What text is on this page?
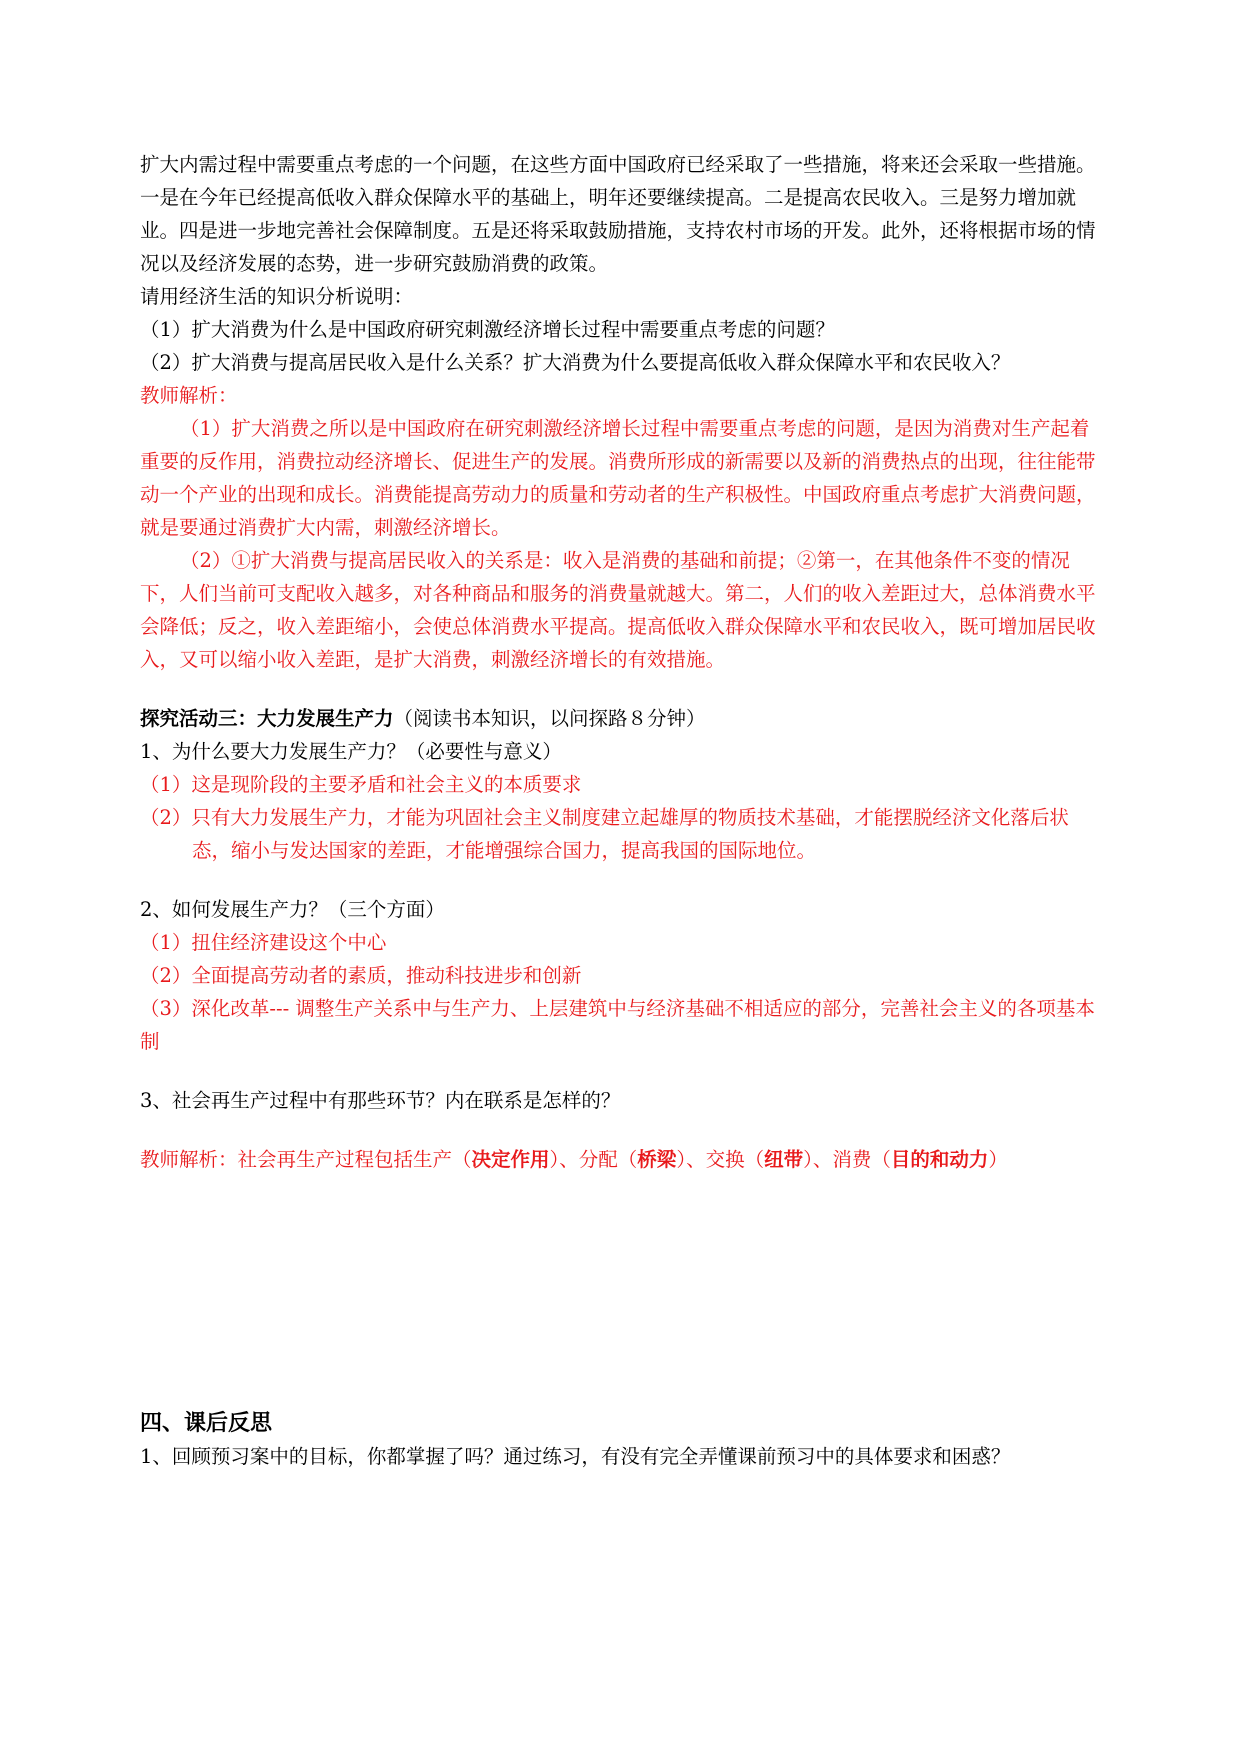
扩大内需过程中需要重点考虑的一个问题，在这些方面中国政府已经采取了一些措施，将来还会采取一些措施。一是在今年已经提高低收入群众保障水平的基础上，明年还要继续提高。二是提高农民收入。三是努力增加就业。四是进一步地完善社会保障制度。五是还将采取鼓励措施，支持农村市场的开发。此外，还将根据市场的情况以及经济发展的态势，进一步研究鼓励消费的政策。

请用经济生活的知识分析说明：

（1）扩大消费为什么是中国政府研究刺激经济增长过程中需要重点考虑的问题？

（2）扩大消费与提高居民收入是什么关系？扩大消费为什么要提高低收入群众保障水平和农民收入？

教师解析：

（1）扩大消费之所以是中国政府在研究刺激经济增长过程中需要重点考虑的问题，是因为消费对生产起着重要的反作用，消费拉动经济增长、促进生产的发展。消费所形成的新需要以及新的消费热点的出现，往往能带动一个产业的出现和成长。消费能提高劳动力的质量和劳动者的生产积极性。中国政府重点考虑扩大消费问题，就是要通过消费扩大内需，刺激经济增长。

（2）①扩大消费与提高居民收入的关系是：收入是消费的基础和前提；②第一，在其他条件不变的情况下，人们当前可支配收入越多，对各种商品和服务的消费量就越大。第二，人们的收入差距过大，总体消费水平会降低；反之，收入差距缩小，会使总体消费水平提高。提高低收入群众保障水平和农民收入，既可增加居民收入，又可以缩小收入差距，是扩大消费，刺激经济增长的有效措施。

探究活动三：大力发展生产力（阅读书本知识，以问探路８分钟）

1、为什么要大力发展生产力？（必要性与意义）

（1）这是现阶段的主要矛盾和社会主义的本质要求

（2）只有大力发展生产力，才能为巩固社会主义制度建立起雄厚的物质技术基础，才能摆脱经济文化落后状态，缩小与发达国家的差距，才能增强综合国力，提高我国的国际地位。

2、如何发展生产力？（三个方面）

（1）扭住经济建设这个中心

（2）全面提高劳动者的素质，推动科技进步和创新

（3）深化改革--- 调整生产关系中与生产力、上层建筑中与经济基础不相适应的部分，完善社会主义的各项基本制

3、社会再生产过程中有那些环节？内在联系是怎样的？

教师解析：社会再生产过程包括生产（决定作用）、分配（桥梁）、交换（纽带）、消费（目的和动力）

四、课后反思

1、回顾预习案中的目标，你都掌握了吗？通过练习，有没有完全弄懂课前预习中的具体要求和困惑？
